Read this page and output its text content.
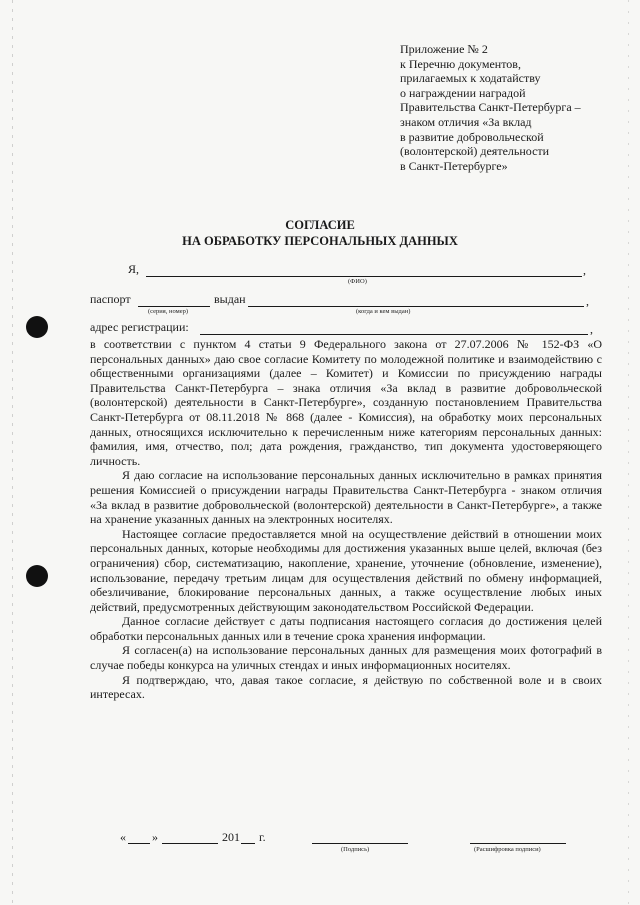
Приложение № 2
к Перечню документов,
прилагаемых к ходатайству
о награждении наградой
Правительства Санкт-Петербурга –
знаком отличия «За вклад
в развитие добровольческой
(волонтерской) деятельности
в Санкт-Петербурге»
СОГЛАСИЕ
НА ОБРАБОТКУ ПЕРСОНАЛЬНЫХ ДАННЫХ
Я,	,
(ФИО)
паспорт
(серия, номер)
выдан	,
(когда и кем выдан)
адрес регистрации:	,

в соответствии с пунктом 4 статьи 9 Федерального закона от 27.07.2006 № 152-ФЗ «О персональных данных» даю свое согласие Комитету по молодежной политике и взаимодействию с общественными организациями (далее – Комитет) и Комиссии по присуждению награды Правительства Санкт-Петербурга – знака отличия «За вклад в развитие добровольческой (волонтерской) деятельности в Санкт-Петербурге», созданную постановлением Правительства Санкт-Петербурга от 08.11.2018 № 868 (далее - Комиссия), на обработку моих персональных данных, относящихся исключительно к перечисленным ниже категориям персональных данных: фамилия, имя, отчество, пол; дата рождения, гражданство, тип документа удостоверяющего личность.

Я даю согласие на использование персональных данных исключительно в рамках принятия решения Комиссией о присуждении награды Правительства Санкт-Петербурга - знаком отличия «За вклад в развитие добровольческой (волонтерской) деятельности в Санкт-Петербурге», а также на хранение указанных данных на электронных носителях.

Настоящее согласие предоставляется мной на осуществление действий в отношении моих персональных данных, которые необходимы для достижения указанных выше целей, включая (без ограничения) сбор, систематизацию, накопление, хранение, уточнение (обновление, изменение), использование, передачу третьим лицам для осуществления действий по обмену информацией, обезличивание, блокирование персональных данных, а также осуществление любых иных действий, предусмотренных действующим законодательством Российской Федерации.

Данное согласие действует с даты подписания настоящего согласия до достижения целей обработки персональных данных или в течение срока хранения информации.

Я согласен(а) на использование персональных данных для размещения моих фотографий в случае победы конкурса на уличных стендах и иных информационных носителях.

Я подтверждаю, что, давая такое согласие, я действую по собственной воле и в своих интересах.

« »	201 г.
(Подпись)	(Расшифровка подписи)
